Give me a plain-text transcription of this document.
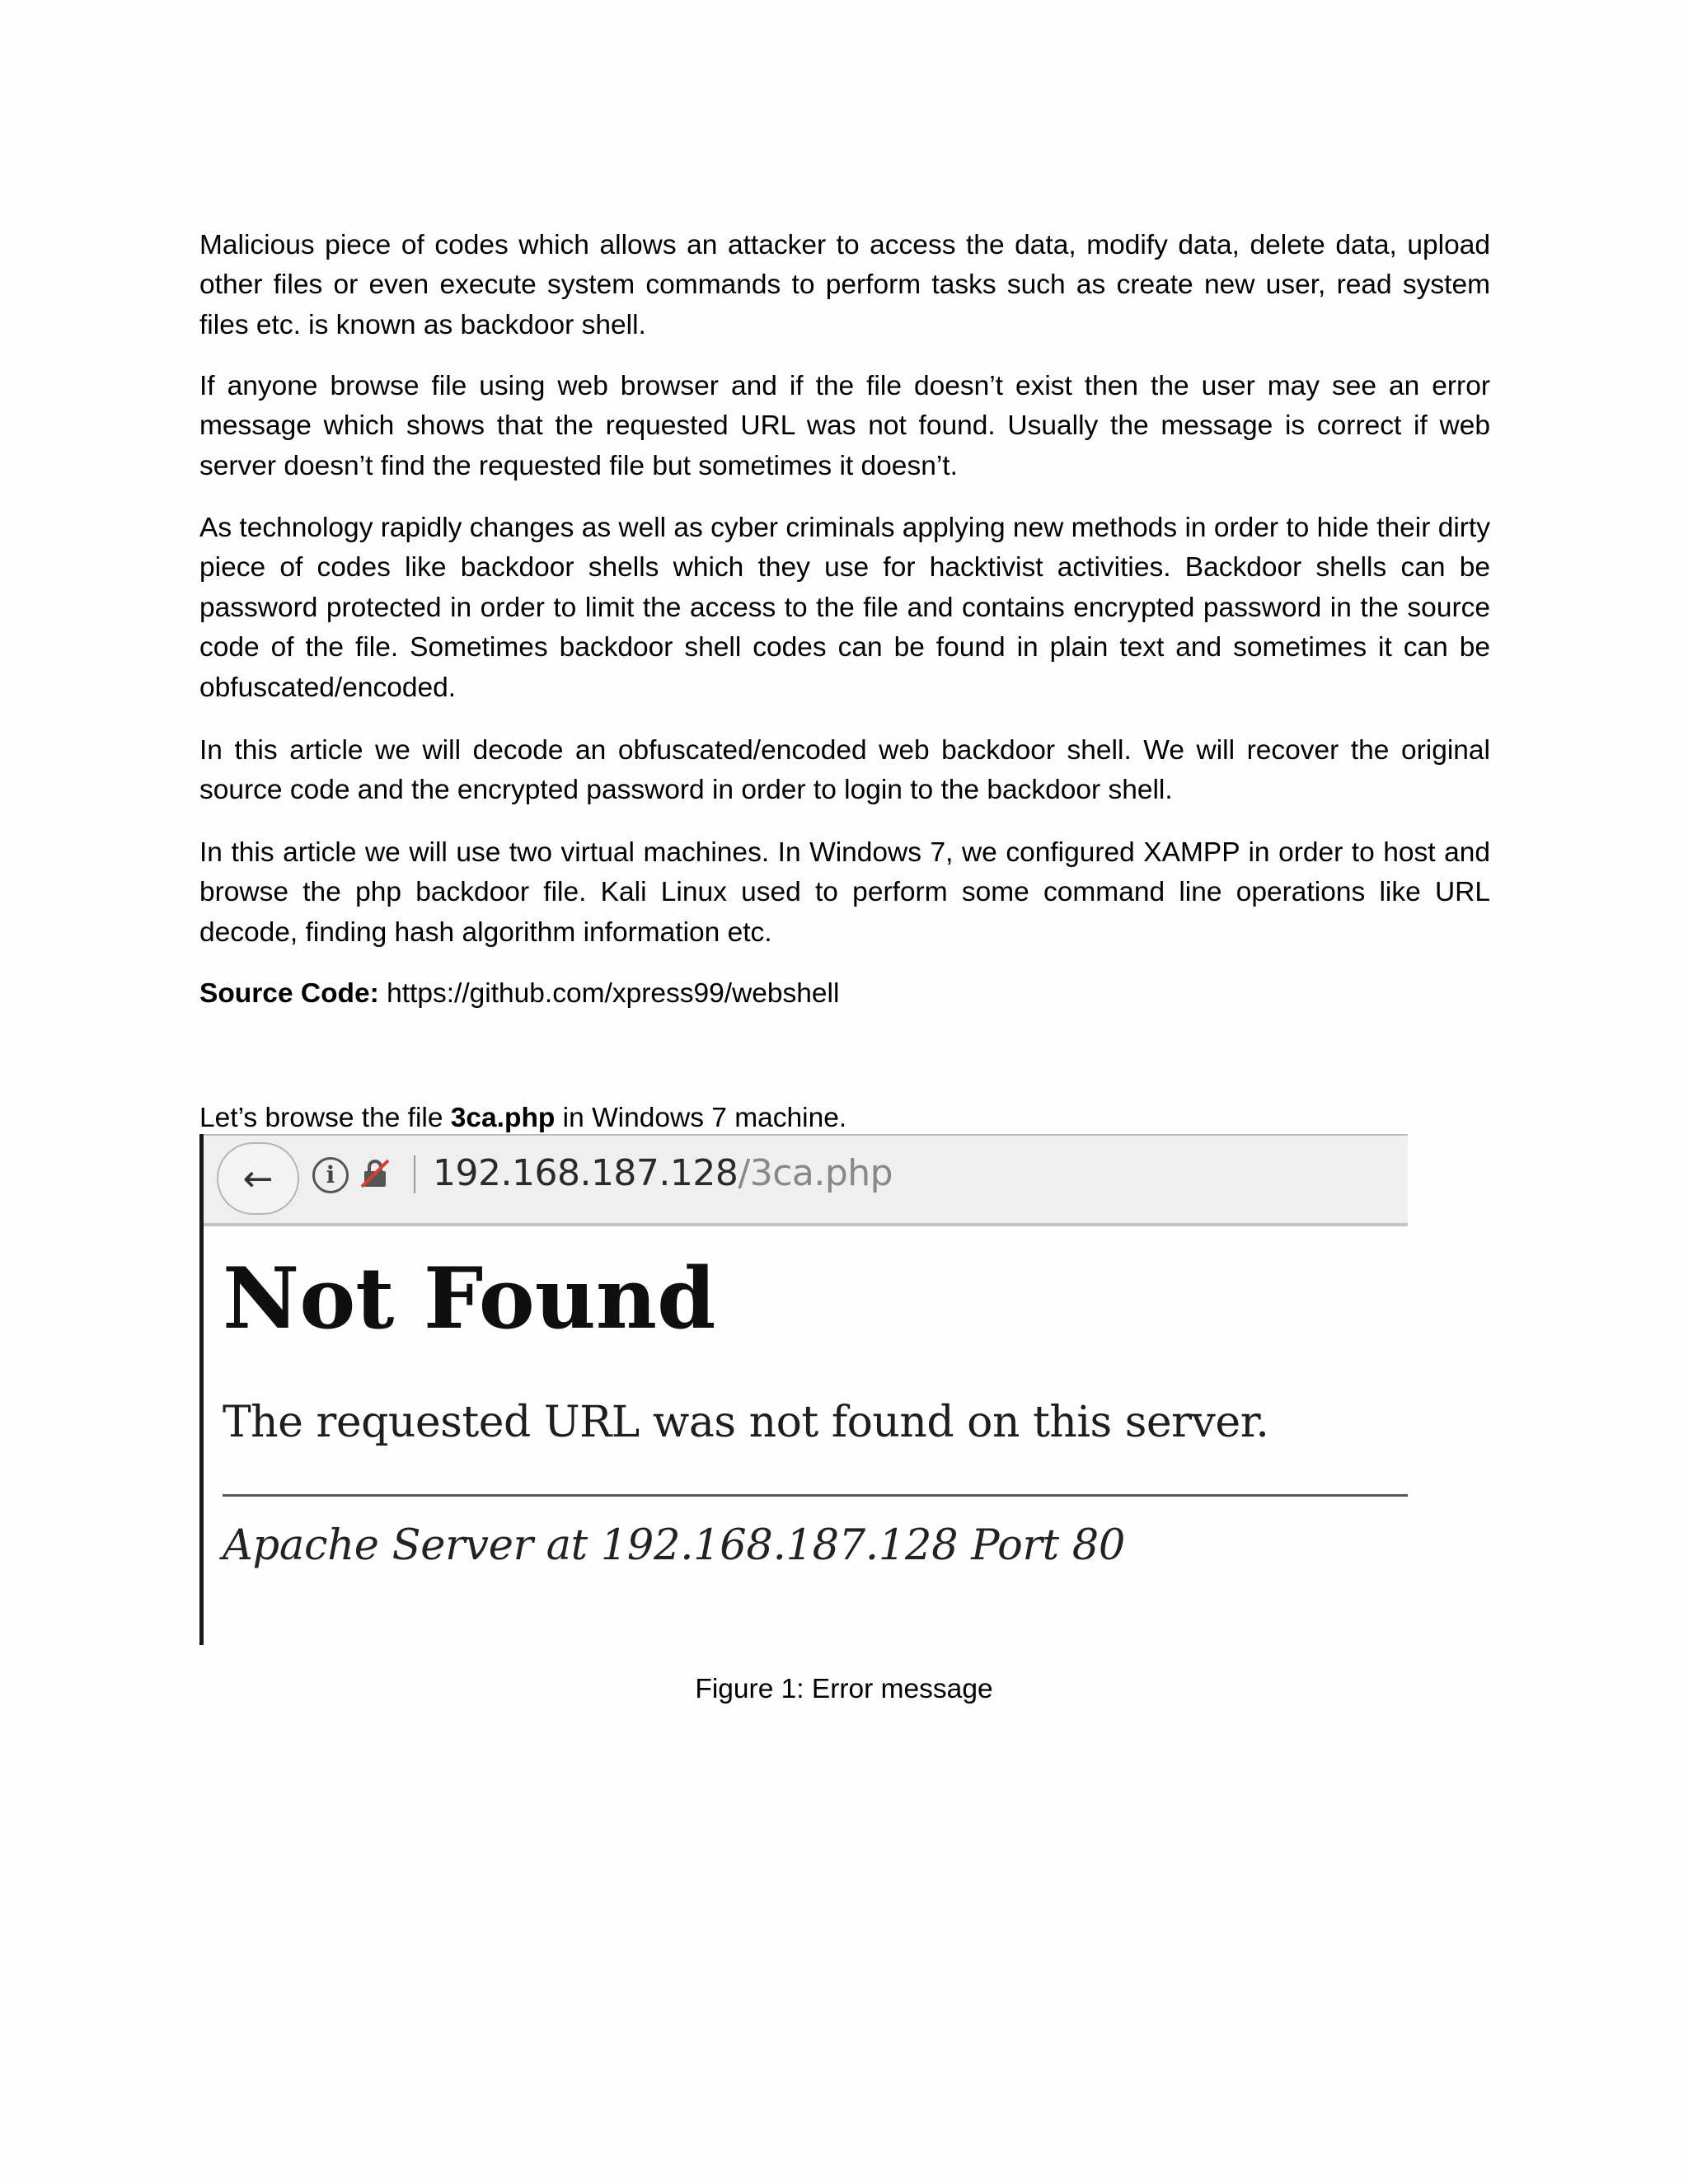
Malicious piece of codes which allows an attacker to access the data, modify data, delete data, upload other files or even execute system commands to perform tasks such as create new user, read system files etc. is known as backdoor shell.

If anyone browse file using web browser and if the file doesn’t exist then the user may see an error message which shows that the requested URL was not found. Usually the message is correct if web server doesn’t find the requested file but sometimes it doesn’t.

As technology rapidly changes as well as cyber criminals applying new methods in order to hide their dirty piece of codes like backdoor shells which they use for hacktivist activities. Backdoor shells can be password protected in order to limit the access to the file and contains encrypted password in the source code of the file. Sometimes backdoor shell codes can be found in plain text and sometimes it can be obfuscated/encoded.

In this article we will decode an obfuscated/encoded web backdoor shell. We will recover the original source code and the encrypted password in order to login to the backdoor shell.

In this article we will use two virtual machines. In Windows 7, we configured XAMPP in order to host and browse the php backdoor file. Kali Linux used to perform some command line operations like URL decode, finding hash algorithm information etc.

Source Code: https://github.com/xpress99/webshell

Let’s browse the file 3ca.php in Windows 7 machine.

←	i	192.168.187.128/3ca.php
Not Found
The requested URL was not found on this server.
Apache Server at 192.168.187.128 Port 80
Figure 1: Error message
